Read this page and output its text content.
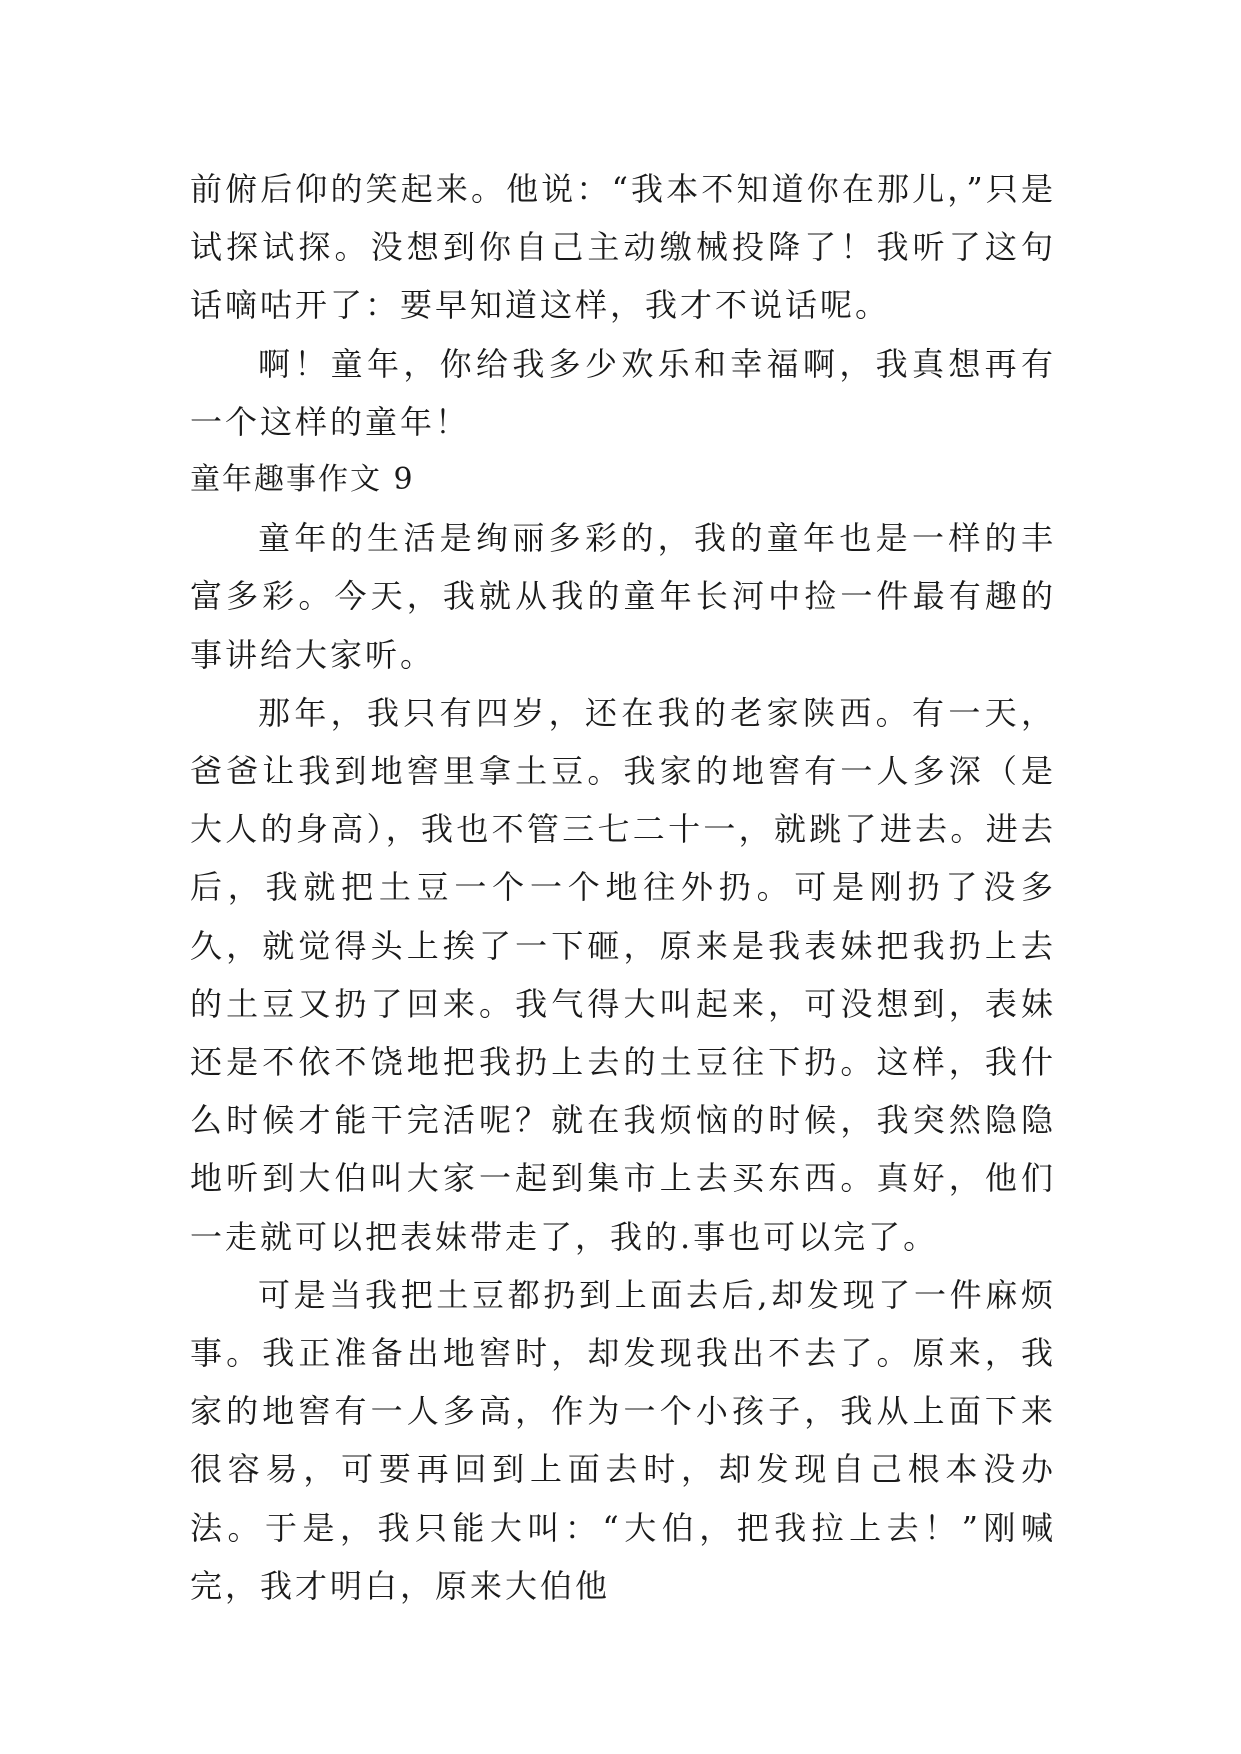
前俯后仰的笑起来。他说：“我本不知道你在那儿，”只是试探试探。没想到你自己主动缴械投降了！我听了这句话嘀咕开了：要早知道这样，我才不说话呢。

啊！童年，你给我多少欢乐和幸福啊，我真想再有一个这样的童年！

童年趣事作文 9

童年的生活是绚丽多彩的，我的童年也是一样的丰富多彩。今天，我就从我的童年长河中捡一件最有趣的事讲给大家听。

那年，我只有四岁，还在我的老家陕西。有一天，爸爸让我到地窖里拿土豆。我家的地窖有一人多深（是大人的身高），我也不管三七二十一，就跳了进去。进去后，我就把土豆一个一个地往外扔。可是刚扔了没多久，就觉得头上挨了一下砸，原来是我表妹把我扔上去的土豆又扔了回来。我气得大叫起来，可没想到，表妹还是不依不饶地把我扔上去的土豆往下扔。这样，我什么时候才能干完活呢？就在我烦恼的时候，我突然隐隐地听到大伯叫大家一起到集市上去买东西。真好，他们一走就可以把表妹带走了，我的.事也可以完了。

可是当我把土豆都扔到上面去后,却发现了一件麻烦事。我正准备出地窖时，却发现我出不去了。原来，我家的地窖有一人多高，作为一个小孩子，我从上面下来很容易，可要再回到上面去时，却发现自己根本没办法。于是，我只能大叫：“大伯，把我拉上去！”刚喊完，我才明白，原来大伯他
